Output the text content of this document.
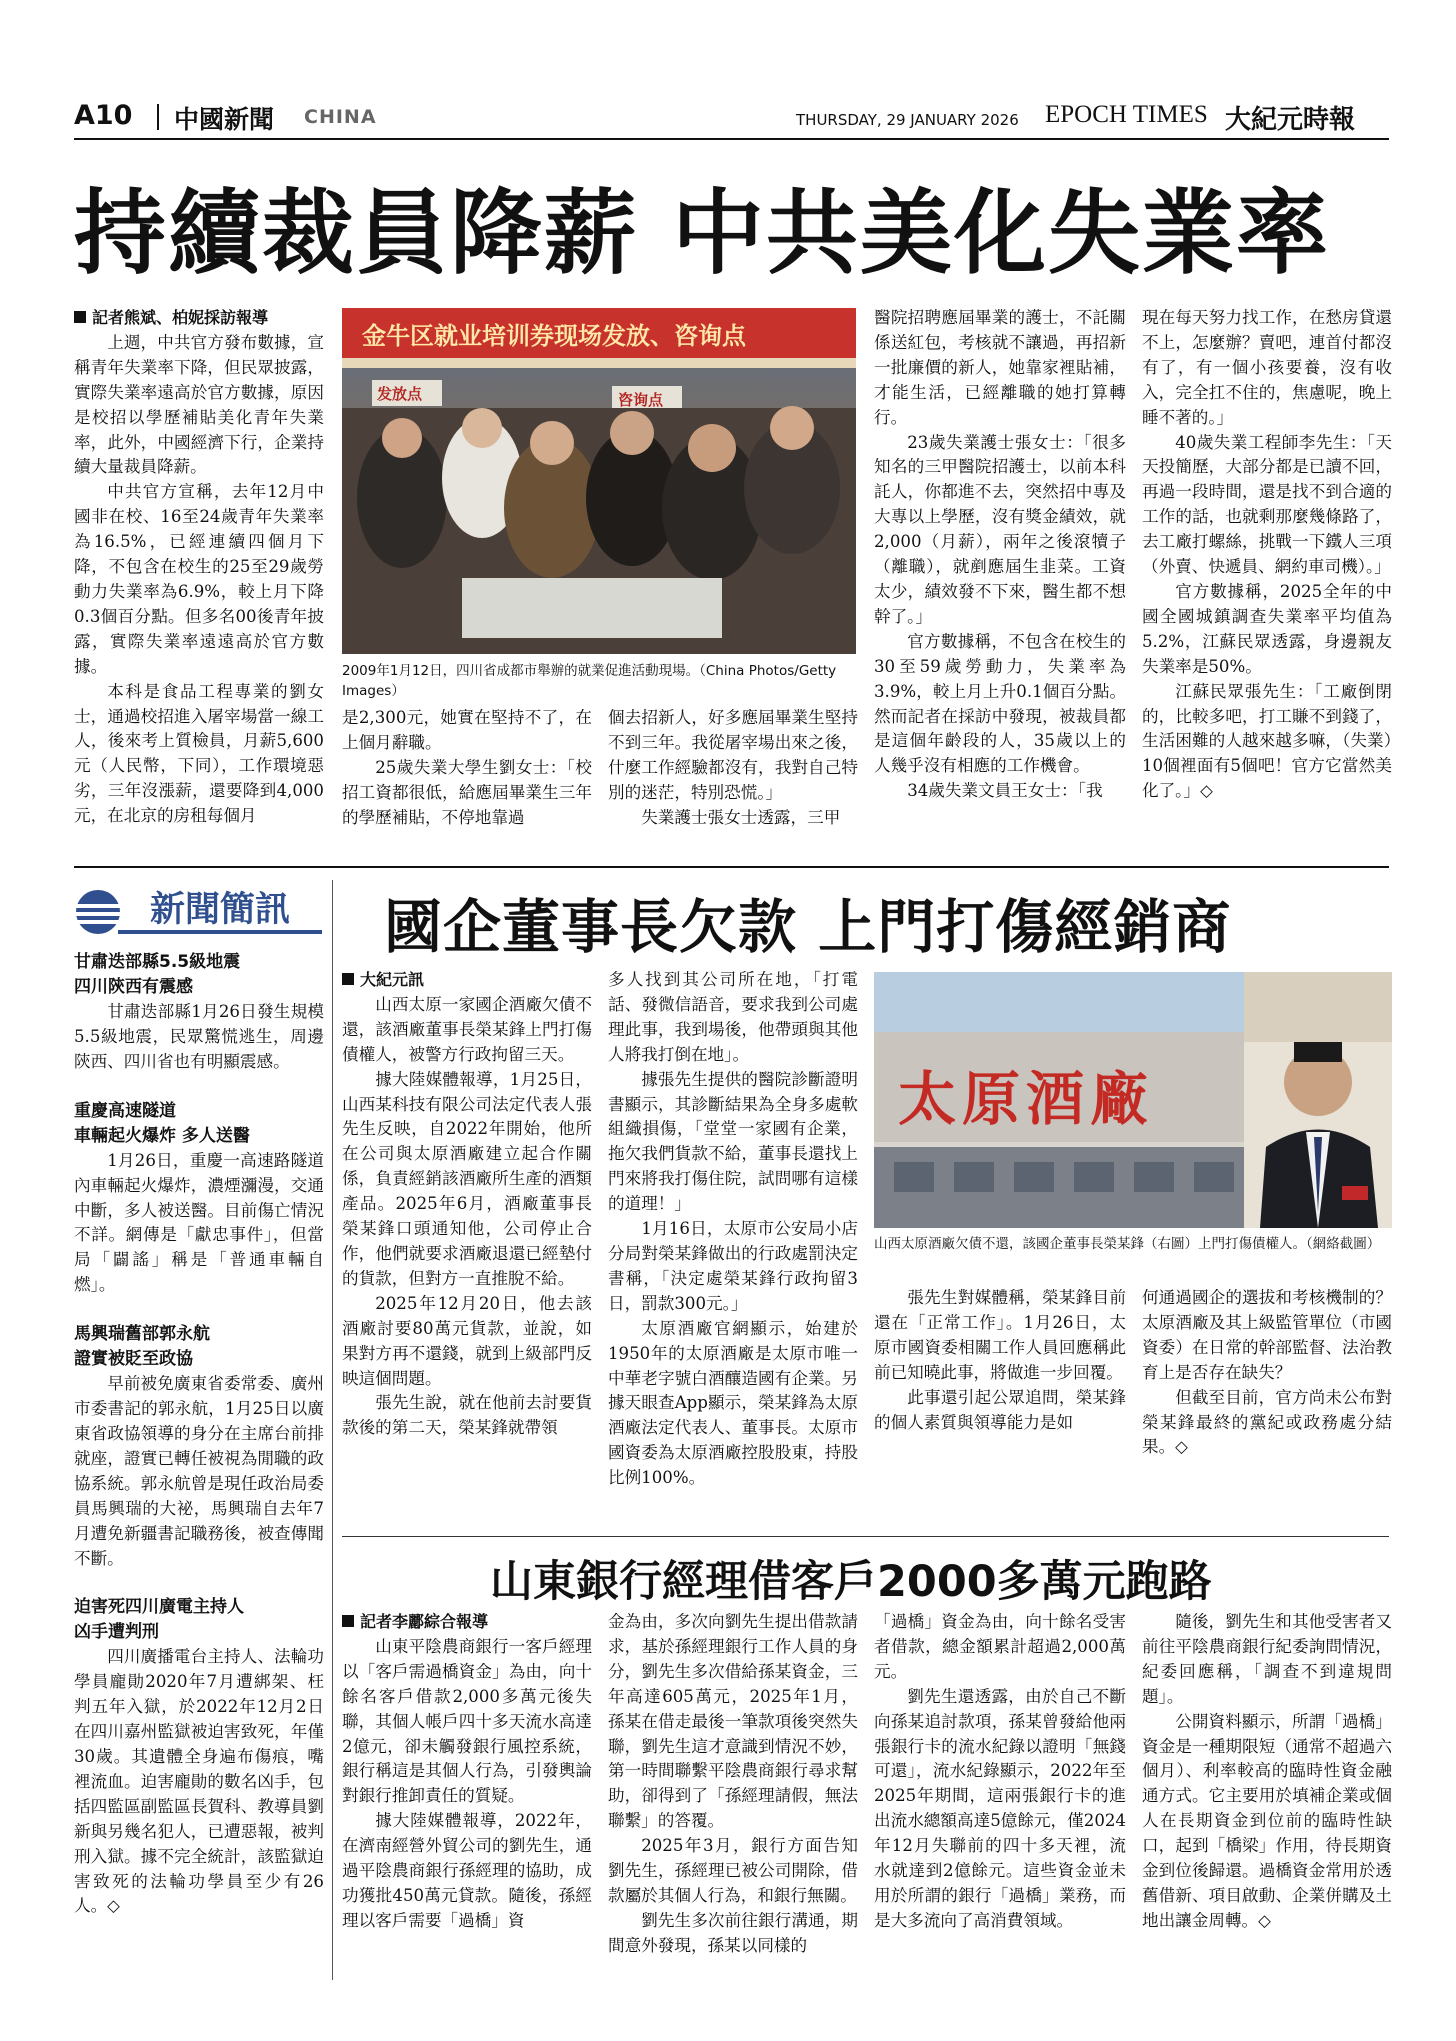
A10 中國新聞 CHINA	THURSDAY, 29 JANUARY 2026 EPOCH TIMES 大紀元時報
持續裁員降薪 中共美化失業率

記者熊斌、柏妮採訪報導

上週，中共官方發布數據，宣稱青年失業率下降，但民眾披露，實際失業率遠高於官方數據，原因是校招以學歷補貼美化青年失業率，此外，中國經濟下行，企業持續大量裁員降薪。

中共官方宣稱，去年12月中國非在校、16至24歲青年失業率為16.5%，已經連續四個月下降，不包含在校生的25至29歲勞動力失業率為6.9%，較上月下降0.3個百分點。但多名00後青年披露，實際失業率遠遠高於官方數據。

本科是食品工程專業的劉女士，通過校招進入屠宰場當一線工人，後來考上質檢員，月薪5,600元（人民幣，下同），工作環境惡劣，三年沒漲薪，還要降到4,000元，在北京的房租每個月

金牛区就业培训券现场发放、咨询点
发放点	咨询点
2009年1月12日，四川省成都市舉辦的就業促進活動現場。（China Photos/Getty Images）

是2,300元，她實在堅持不了，在上個月辭職。

25歲失業大學生劉女士：「校招工資都很低，給應屆畢業生三年的學歷補貼，不停地靠過

個去招新人，好多應屆畢業生堅持不到三年。我從屠宰場出來之後，什麼工作經驗都沒有，我對自己特別的迷茫，特別恐慌。」

失業護士張女士透露，三甲

醫院招聘應屆畢業的護士，不託關係送紅包，考核就不讓過，再招新一批廉價的新人，她靠家裡貼補，才能生活，已經離職的她打算轉行。

23歲失業護士張女士：「很多知名的三甲醫院招護士，以前本科託人，你都進不去，突然招中專及大專以上學歷，沒有獎金績效，就2,000（月薪），兩年之後滾犢子（離職），就剷應屆生韭菜。工資太少，績效發不下來，醫生都不想幹了。」

官方數據稱，不包含在校生的30至59歲勞動力，失業率為3.9%，較上月上升0.1個百分點。然而記者在採訪中發現，被裁員都是這個年齡段的人，35歲以上的人幾乎沒有相應的工作機會。

34歲失業文員王女士：「我

現在每天努力找工作，在愁房貸還不上，怎麼辦？賣吧，連首付都沒有了，有一個小孩要養，沒有收入，完全扛不住的，焦慮呢，晚上睡不著的。」

40歲失業工程師李先生：「天天投簡歷，大部分都是已讀不回，再過一段時間，還是找不到合適的工作的話，也就剩那麼幾條路了，去工廠打螺絲，挑戰一下鐵人三項（外賣、快遞員、網約車司機）。」

官方數據稱，2025全年的中國全國城鎮調查失業率平均值為5.2%，江蘇民眾透露，身邊親友失業率是50%。

江蘇民眾張先生：「工廠倒閉的，比較多吧，打工賺不到錢了，生活困難的人越來越多嘛，（失業）10個裡面有5個吧！官方它當然美化了。」◇

新聞簡訊
甘肅迭部縣5.5級地震
四川陝西有震感

甘肅迭部縣1月26日發生規模5.5級地震，民眾驚慌逃生，周邊陝西、四川省也有明顯震感。

重慶高速隧道
車輛起火爆炸 多人送醫

1月26日，重慶一高速路隧道內車輛起火爆炸，濃煙瀰漫，交通中斷，多人被送醫。目前傷亡情況不詳。網傳是「獻忠事件」，但當局「闢謠」稱是「普通車輛自燃」。

馬興瑞舊部郭永航
證實被貶至政協

早前被免廣東省委常委、廣州市委書記的郭永航，1月25日以廣東省政協領導的身分在主席台前排就座，證實已轉任被視為閒職的政協系統。郭永航曾是現任政治局委員馬興瑞的大袐，馬興瑞自去年7月遭免新疆書記職務後，被查傳聞不斷。

迫害死四川廣電主持人
凶手遭判刑

四川廣播電台主持人、法輪功學員龐勛2020年7月遭綁架、枉判五年入獄，於2022年12月2日在四川嘉州監獄被迫害致死，年僅30歲。其遺體全身遍布傷痕，嘴裡流血。迫害龐勛的數名凶手，包括四監區副監區長賀科、教導員劉新與另幾名犯人，已遭惡報，被判刑入獄。據不完全統計，該監獄迫害致死的法輪功學員至少有26人。◇

國企董事長欠款 上門打傷經銷商

大紀元訊

山西太原一家國企酒廠欠債不還，該酒廠董事長榮某鋒上門打傷債權人，被警方行政拘留三天。

據大陸媒體報導，1月25日，山西某科技有限公司法定代表人張先生反映，自2022年開始，他所在公司與太原酒廠建立起合作關係，負責經銷該酒廠所生產的酒類產品。2025年6月，酒廠董事長榮某鋒口頭通知他，公司停止合作，他們就要求酒廠退還已經墊付的貨款，但對方一直推脫不給。

2025年12月20日，他去該酒廠討要80萬元貨款，並說，如果對方再不還錢，就到上級部門反映這個問題。

張先生說，就在他前去討要貨款後的第二天，榮某鋒就帶領

多人找到其公司所在地，「打電話、發微信語音，要求我到公司處理此事，我到場後，他帶頭與其他人將我打倒在地」。

據張先生提供的醫院診斷證明書顯示，其診斷結果為全身多處軟組織損傷，「堂堂一家國有企業，拖欠我們貨款不給，董事長還找上門來將我打傷住院，試問哪有這樣的道理！」

1月16日，太原市公安局小店分局對榮某鋒做出的行政處罰決定書稱，「決定處榮某鋒行政拘留3日，罰款300元。」

太原酒廠官網顯示，始建於1950年的太原酒廠是太原市唯一中華老字號白酒釀造國有企業。另據天眼查App顯示，榮某鋒為太原酒廠法定代表人、董事長。太原市國資委為太原酒廠控股股東，持股比例100%。

太原酒廠
山西太原酒廠欠債不還，該國企董事長榮某鋒（右圖）上門打傷債權人。（網絡截圖）

張先生對媒體稱，榮某鋒目前還在「正常工作」。1月26日，太原市國資委相關工作人員回應稱此前已知曉此事，將做進一步回覆。

此事還引起公眾追問，榮某鋒的個人素質與領導能力是如

何通過國企的選拔和考核機制的？太原酒廠及其上級監管單位（市國資委）在日常的幹部監督、法治教育上是否存在缺失？

但截至目前，官方尚未公布對榮某鋒最終的黨紀或政務處分結果。◇

山東銀行經理借客戶2000多萬元跑路

記者李酈綜合報導

山東平陰農商銀行一客戶經理以「客戶需過橋資金」為由，向十餘名客戶借款2,000多萬元後失聯，其個人帳戶四十多天流水高達2億元，卻未觸發銀行風控系統，銀行稱這是其個人行為，引發輿論對銀行推卸責任的質疑。

據大陸媒體報導，2022年，在濟南經營外貿公司的劉先生，通過平陰農商銀行孫經理的協助，成功獲批450萬元貸款。隨後，孫經理以客戶需要「過橋」資

金為由，多次向劉先生提出借款請求，基於孫經理銀行工作人員的身分，劉先生多次借給孫某資金，三年高達605萬元，2025年1月，孫某在借走最後一筆款項後突然失聯，劉先生這才意識到情況不妙，第一時間聯繫平陰農商銀行尋求幫助，卻得到了「孫經理請假，無法聯繫」的答覆。

2025年3月，銀行方面告知劉先生，孫經理已被公司開除，借款屬於其個人行為，和銀行無關。

劉先生多次前往銀行溝通，期間意外發現，孫某以同樣的

「過橋」資金為由，向十餘名受害者借款，總金額累計超過2,000萬元。

劉先生還透露，由於自己不斷向孫某追討款項，孫某曾發給他兩張銀行卡的流水紀錄以證明「無錢可還」，流水紀錄顯示，2022年至2025年期間，這兩張銀行卡的進出流水總額高達5億餘元，僅2024年12月失聯前的四十多天裡，流水就達到2億餘元。這些資金並未用於所謂的銀行「過橋」業務，而是大多流向了高消費領域。

隨後，劉先生和其他受害者又前往平陰農商銀行紀委詢問情況，紀委回應稱，「調查不到違規問題」。

公開資料顯示，所謂「過橋」資金是一種期限短（通常不超過六個月）、利率較高的臨時性資金融通方式。它主要用於填補企業或個人在長期資金到位前的臨時性缺口，起到「橋梁」作用，待長期資金到位後歸還。過橋資金常用於透舊借新、項目啟動、企業併購及土地出讓金周轉。◇
